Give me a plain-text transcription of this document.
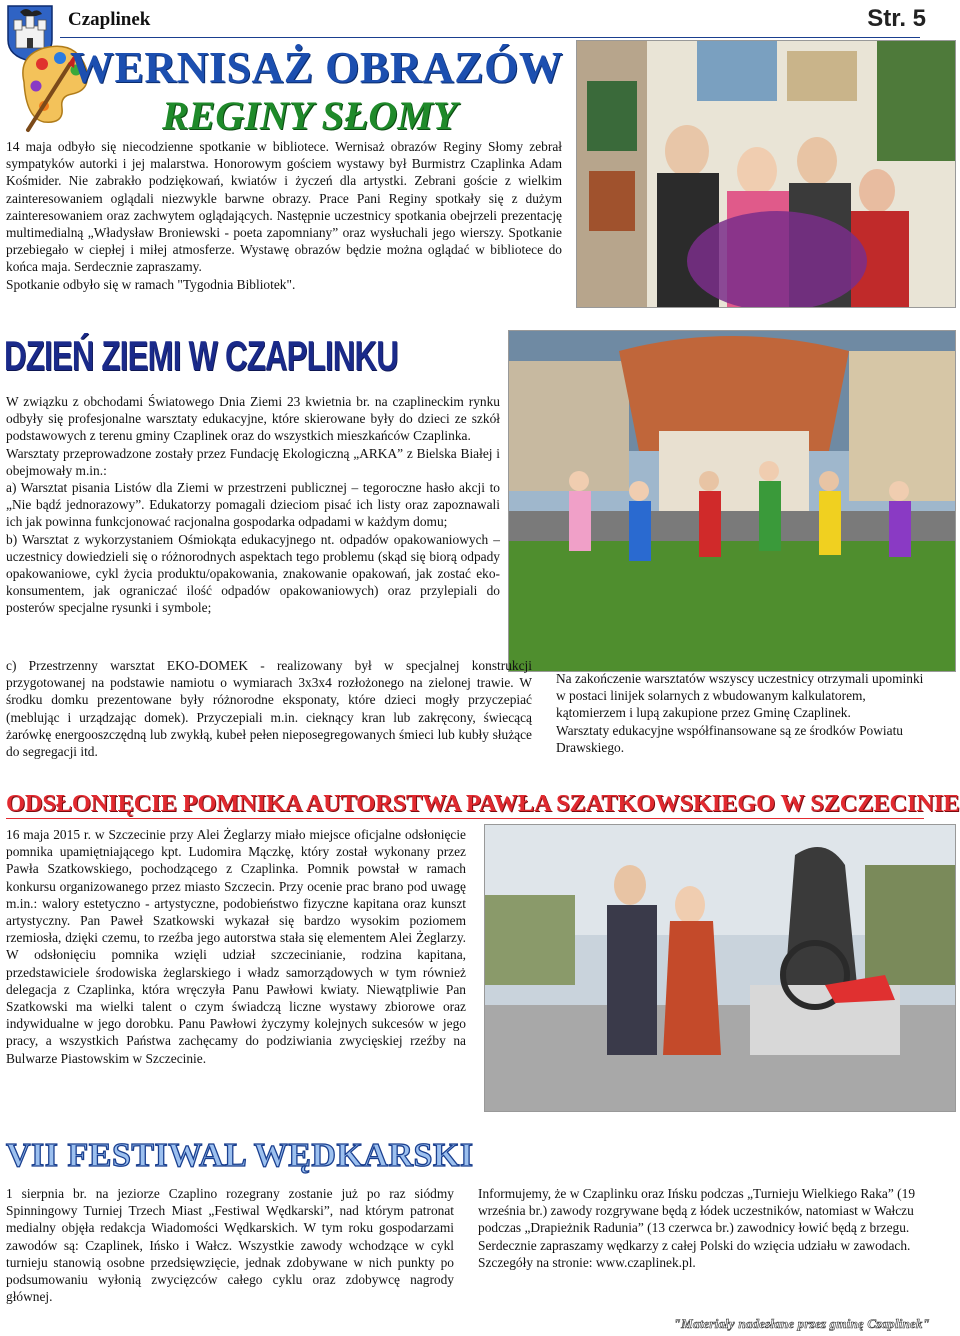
Czaplinek	Str. 5
WERNISAŻ OBRAZÓW
REGINY SŁOMY

14 maja odbyło się niecodzienne spotkanie w bibliotece. Wernisaż obrazów Reginy Słomy zebrał sympatyków autorki i jej malarstwa. Honorowym gościem wystawy był Burmistrz Czaplinka Adam Kośmider. Nie zabrakło podziękowań, kwiatów i życzeń dla artystki. Zebrani goście z wielkim zainteresowaniem oglądali niezwykle barwne obrazy. Prace Pani Reginy spotkały się z dużym zainteresowaniem oraz zachwytem oglądających. Następnie uczestnicy spotkania obejrzeli prezentację multimedialną „Władysław Broniewski - poeta zapomniany” oraz wysłuchali jego wierszy. Spotkanie przebiegało w ciepłej i miłej atmosferze. Wystawę obrazów będzie można oglądać w bibliotece do końca maja. Serdecznie zapraszamy.

Spotkanie odbyło się w ramach "Tygodnia Bibliotek".

DZIEŃ ZIEMI W CZAPLINKU

W związku z obchodami Światowego Dnia Ziemi 23 kwietnia br. na czaplineckim rynku odbyły się profesjonalne warsztaty edukacyjne, które skierowane były do dzieci ze szkół podstawowych z terenu gminy Czaplinek oraz do wszystkich mieszkańców Czaplinka.

Warsztaty przeprowadzone zostały przez Fundację Ekologiczną „ARKA” z Bielska Białej i obejmowały m.in.:

a) Warsztat pisania Listów dla Ziemi w przestrzeni publicznej – tegoroczne hasło akcji to „Nie bądź jednorazowy”. Edukatorzy pomagali dzieciom pisać ich listy oraz zapoznawali ich jak powinna funkcjonować racjonalna gospodarka odpadami w każdym domu;

b) Warsztat z wykorzystaniem Ośmiokąta edukacyjnego nt. odpadów opakowaniowych – uczestnicy dowiedzieli się o różnorodnych aspektach tego problemu (skąd się biorą odpady opakowaniowe, cykl życia produktu/opakowania, znakowanie opakowań, jak zostać eko-konsumentem, jak ograniczać ilość odpadów opakowaniowych) oraz przylepiali do posterów specjalne rysunki i symbole;

c) Przestrzenny warsztat EKO-DOMEK - realizowany był w specjalnej konstrukcji przygotowanej na podstawie namiotu o wymiarach 3x3x4 rozłożonego na zielonej trawie. W środku domku prezentowane były różnorodne eksponaty, które dzieci mogły przyczepiać (meblując i urządzając domek). Przyczepiali m.in. cieknący kran lub zakręcony, świecącą żarówkę energooszczędną lub zwykłą, kubeł pełen nieposegregowanych śmieci lub kubły służące do segregacji itd.

Na zakończenie warsztatów wszyscy uczestnicy otrzymali upominki w postaci linijek solarnych z wbudowanym kalkulatorem, kątomierzem i lupą zakupione przez Gminę Czaplinek.

Warsztaty edukacyjne współfinansowane są ze środków Powiatu Drawskiego.

ODSŁONIĘCIE POMNIKA AUTORSTWA PAWŁA SZATKOWSKIEGO W SZCZECINIE

16 maja 2015 r. w Szczecinie przy Alei Żeglarzy miało miejsce oficjalne odsłonięcie pomnika upamiętniającego kpt. Ludomira Mączkę, który został wykonany przez Pawła Szatkowskiego, pochodzącego z Czaplinka. Pomnik powstał w ramach konkursu organizowanego przez miasto Szczecin. Przy ocenie prac brano pod uwagę m.in.: walory estetyczno - artystyczne, podobieństwo fizyczne kapitana oraz kunszt artystyczny. Pan Paweł Szatkowski wykazał się bardzo wysokim poziomem rzemiosła, dzięki czemu, to rzeźba jego autorstwa stała się elementem Alei Żeglarzy. W odsłonięciu pomnika wzięli udział szczecinianie, rodzina kapitana, przedstawiciele środowiska żeglarskiego i władz samorządowych w tym również delegacja z Czaplinka, która wręczyła Panu Pawłowi kwiaty. Niewątpliwie Pan Szatkowski ma wielki talent o czym świadczą liczne wystawy zbiorowe oraz indywidualne w jego dorobku. Panu Pawłowi życzymy kolejnych sukcesów w jego pracy, a wszystkich Państwa zachęcamy do podziwiania zwycięskiej rzeźby na Bulwarze Piastowskim w Szczecinie.

VII FESTIWAL WĘDKARSKI

1 sierpnia br. na jeziorze Czaplino rozegrany zostanie już po raz siódmy Spinningowy Turniej Trzech Miast „Festiwal Wędkarski”, nad którym patronat medialny objęła redakcja Wiadomości Wędkarskich. W tym roku gospodarzami zawodów są: Czaplinek, Ińsko i Wałcz. Wszystkie zawody wchodzące w cykl turnieju stanowią osobne przedsięwzięcie, jednak zdobywane w nich punkty po podsumowaniu wyłonią zwycięzców całego cyklu oraz zdobywcę nagrody głównej.

Informujemy, że w Czaplinku oraz Ińsku podczas „Turnieju Wielkiego Raka” (19 września br.) zawody rozgrywane będą z łódek uczestników, natomiast w Wałczu podczas „Drapieżnik Radunia” (13 czerwca br.) zawodnicy łowić będą z brzegu.

Serdecznie zapraszamy wędkarzy z całej Polski do wzięcia udziału w zawodach. Szczegóły na stronie: www.czaplinek.pl.

"Materiały nadesłane przez gminę Czaplinek"
